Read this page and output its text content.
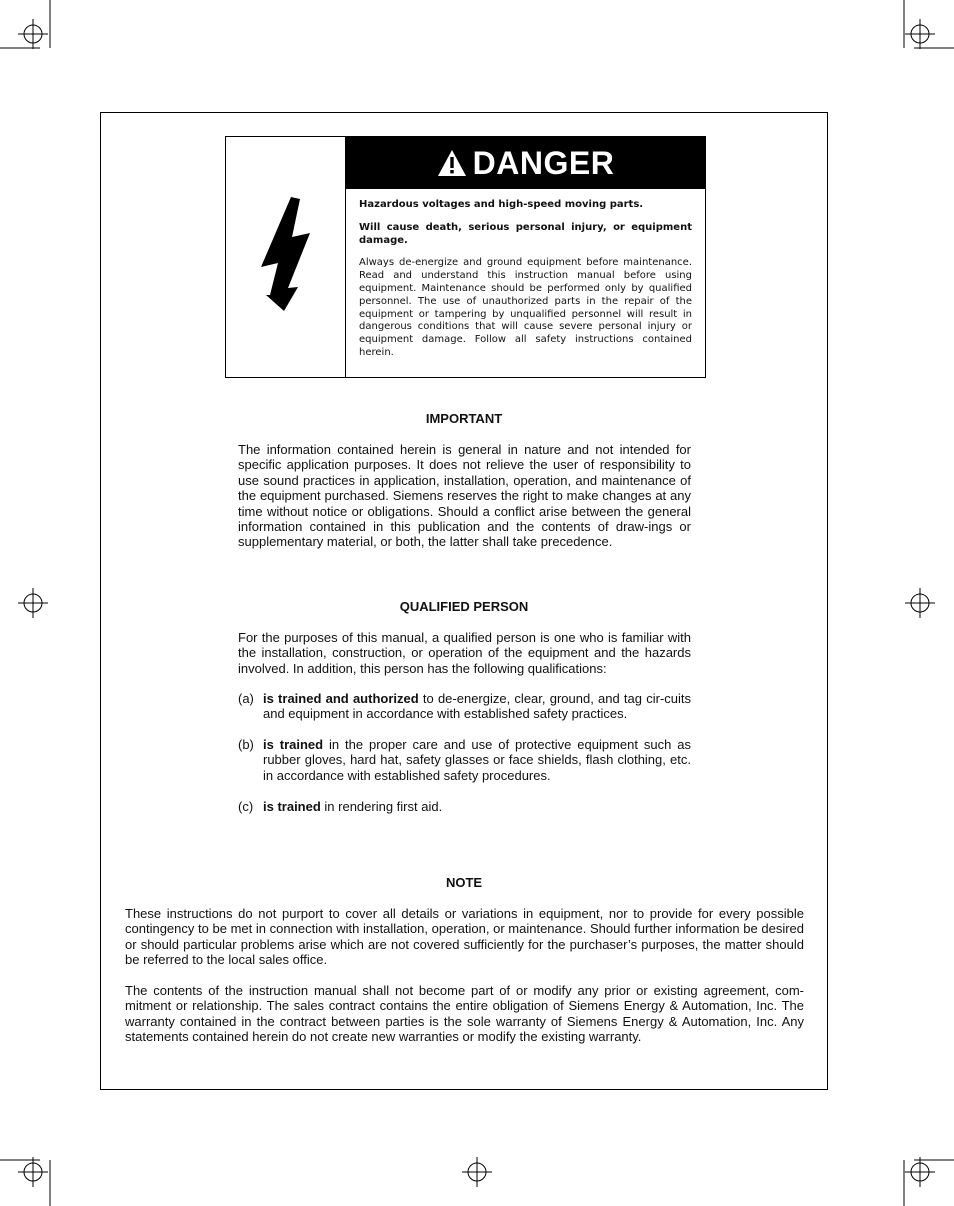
DANGER

Hazardous voltages and high-speed moving parts.

Will cause death, serious personal injury, or equipment damage.

Always de-energize and ground equipment before maintenance. Read and understand this instruction manual before using equipment. Maintenance should be performed only by qualified personnel. The use of unauthorized parts in the repair of the equipment or tampering by unqualified personnel will result in dangerous conditions that will cause severe personal injury or equipment damage. Follow all safety instructions contained herein.

IMPORTANT
The information contained herein is general in nature and not intended for specific application purposes. It does not relieve the user of responsibility to use sound practices in application, installation, operation, and maintenance of the equipment purchased. Siemens reserves the right to make changes at any time without notice or obligations. Should a conflict arise between the general information contained in this publication and the contents of draw-ings or supplementary material, or both, the latter shall take precedence.
QUALIFIED PERSON
For the purposes of this manual, a qualified person is one who is familiar with the installation, construction, or operation of the equipment and the hazards involved. In addition, this person has the following qualifications:
(a) is trained and authorized to de-energize, clear, ground, and tag cir-cuits and equipment in accordance with established safety practices.
(b) is trained in the proper care and use of protective equipment such as rubber gloves, hard hat, safety glasses or face shields, flash clothing, etc. in accordance with established safety procedures.
(c) is trained in rendering first aid.
NOTE
These instructions do not purport to cover all details or variations in equipment, nor to provide for every possible contingency to be met in connection with installation, operation, or maintenance. Should further information be desired or should particular problems arise which are not covered sufficiently for the purchaser’s purposes, the matter should be referred to the local sales office.
The contents of the instruction manual shall not become part of or modify any prior or existing agreement, com-mitment or relationship. The sales contract contains the entire obligation of Siemens Energy & Automation, Inc. The warranty contained in the contract between parties is the sole warranty of Siemens Energy & Automation, Inc. Any statements contained herein do not create new warranties or modify the existing warranty.
